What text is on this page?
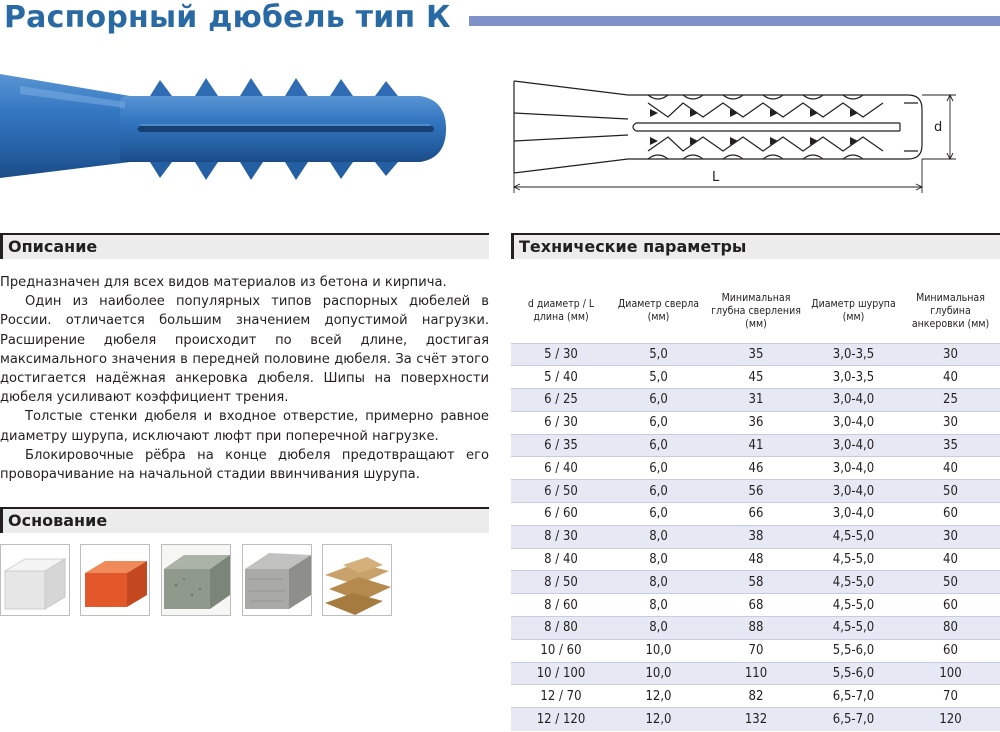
Распорный дюбель тип К
d
L
Описание

Предназначен для всех видов материалов из бетона и кирпича.

Один из наиболее популярных типов распорных дюбелей в России. отличается большим значением допустимой нагрузки. Расширение дюбеля происходит по всей длине, достигая максимального значения в передней половине дюбеля. За счёт этого достигается надёжная анкеровка дюбеля. Шипы на поверхности дюбеля усиливают коэффициент трения.

Толстые стенки дюбеля и входное отверстие, примерно равное диаметру шурупа, исключают люфт при поперечной нагрузке.

Блокировочные рёбра на конце дюбеля предотвращают его проворачивание на начальной стадии ввинчивания шурупа.

Основание
Технические параметры
d диаметр / L длина (мм)	Диаметр сверла (мм)	Минимальная глубна сверления (мм)	Диаметр шурупа (мм)	Минимальная глубина анкеровки (мм)
5 / 30	5,0	35	3,0-3,5	30
5 / 40	5,0	45	3,0-3,5	40
6 / 25	6,0	31	3,0-4,0	25
6 / 30	6,0	36	3,0-4,0	30
6 / 35	6,0	41	3,0-4,0	35
6 / 40	6,0	46	3,0-4,0	40
6 / 50	6,0	56	3,0-4,0	50
6 / 60	6,0	66	3,0-4,0	60
8 / 30	8,0	38	4,5-5,0	30
8 / 40	8,0	48	4,5-5,0	40
8 / 50	8,0	58	4,5-5,0	50
8 / 60	8,0	68	4,5-5,0	60
8 / 80	8,0	88	4,5-5,0	80
10 / 60	10,0	70	5,5-6,0	60
10 / 100	10,0	110	5,5-6,0	100
12 / 70	12,0	82	6,5-7,0	70
12 / 120	12,0	132	6,5-7,0	120
